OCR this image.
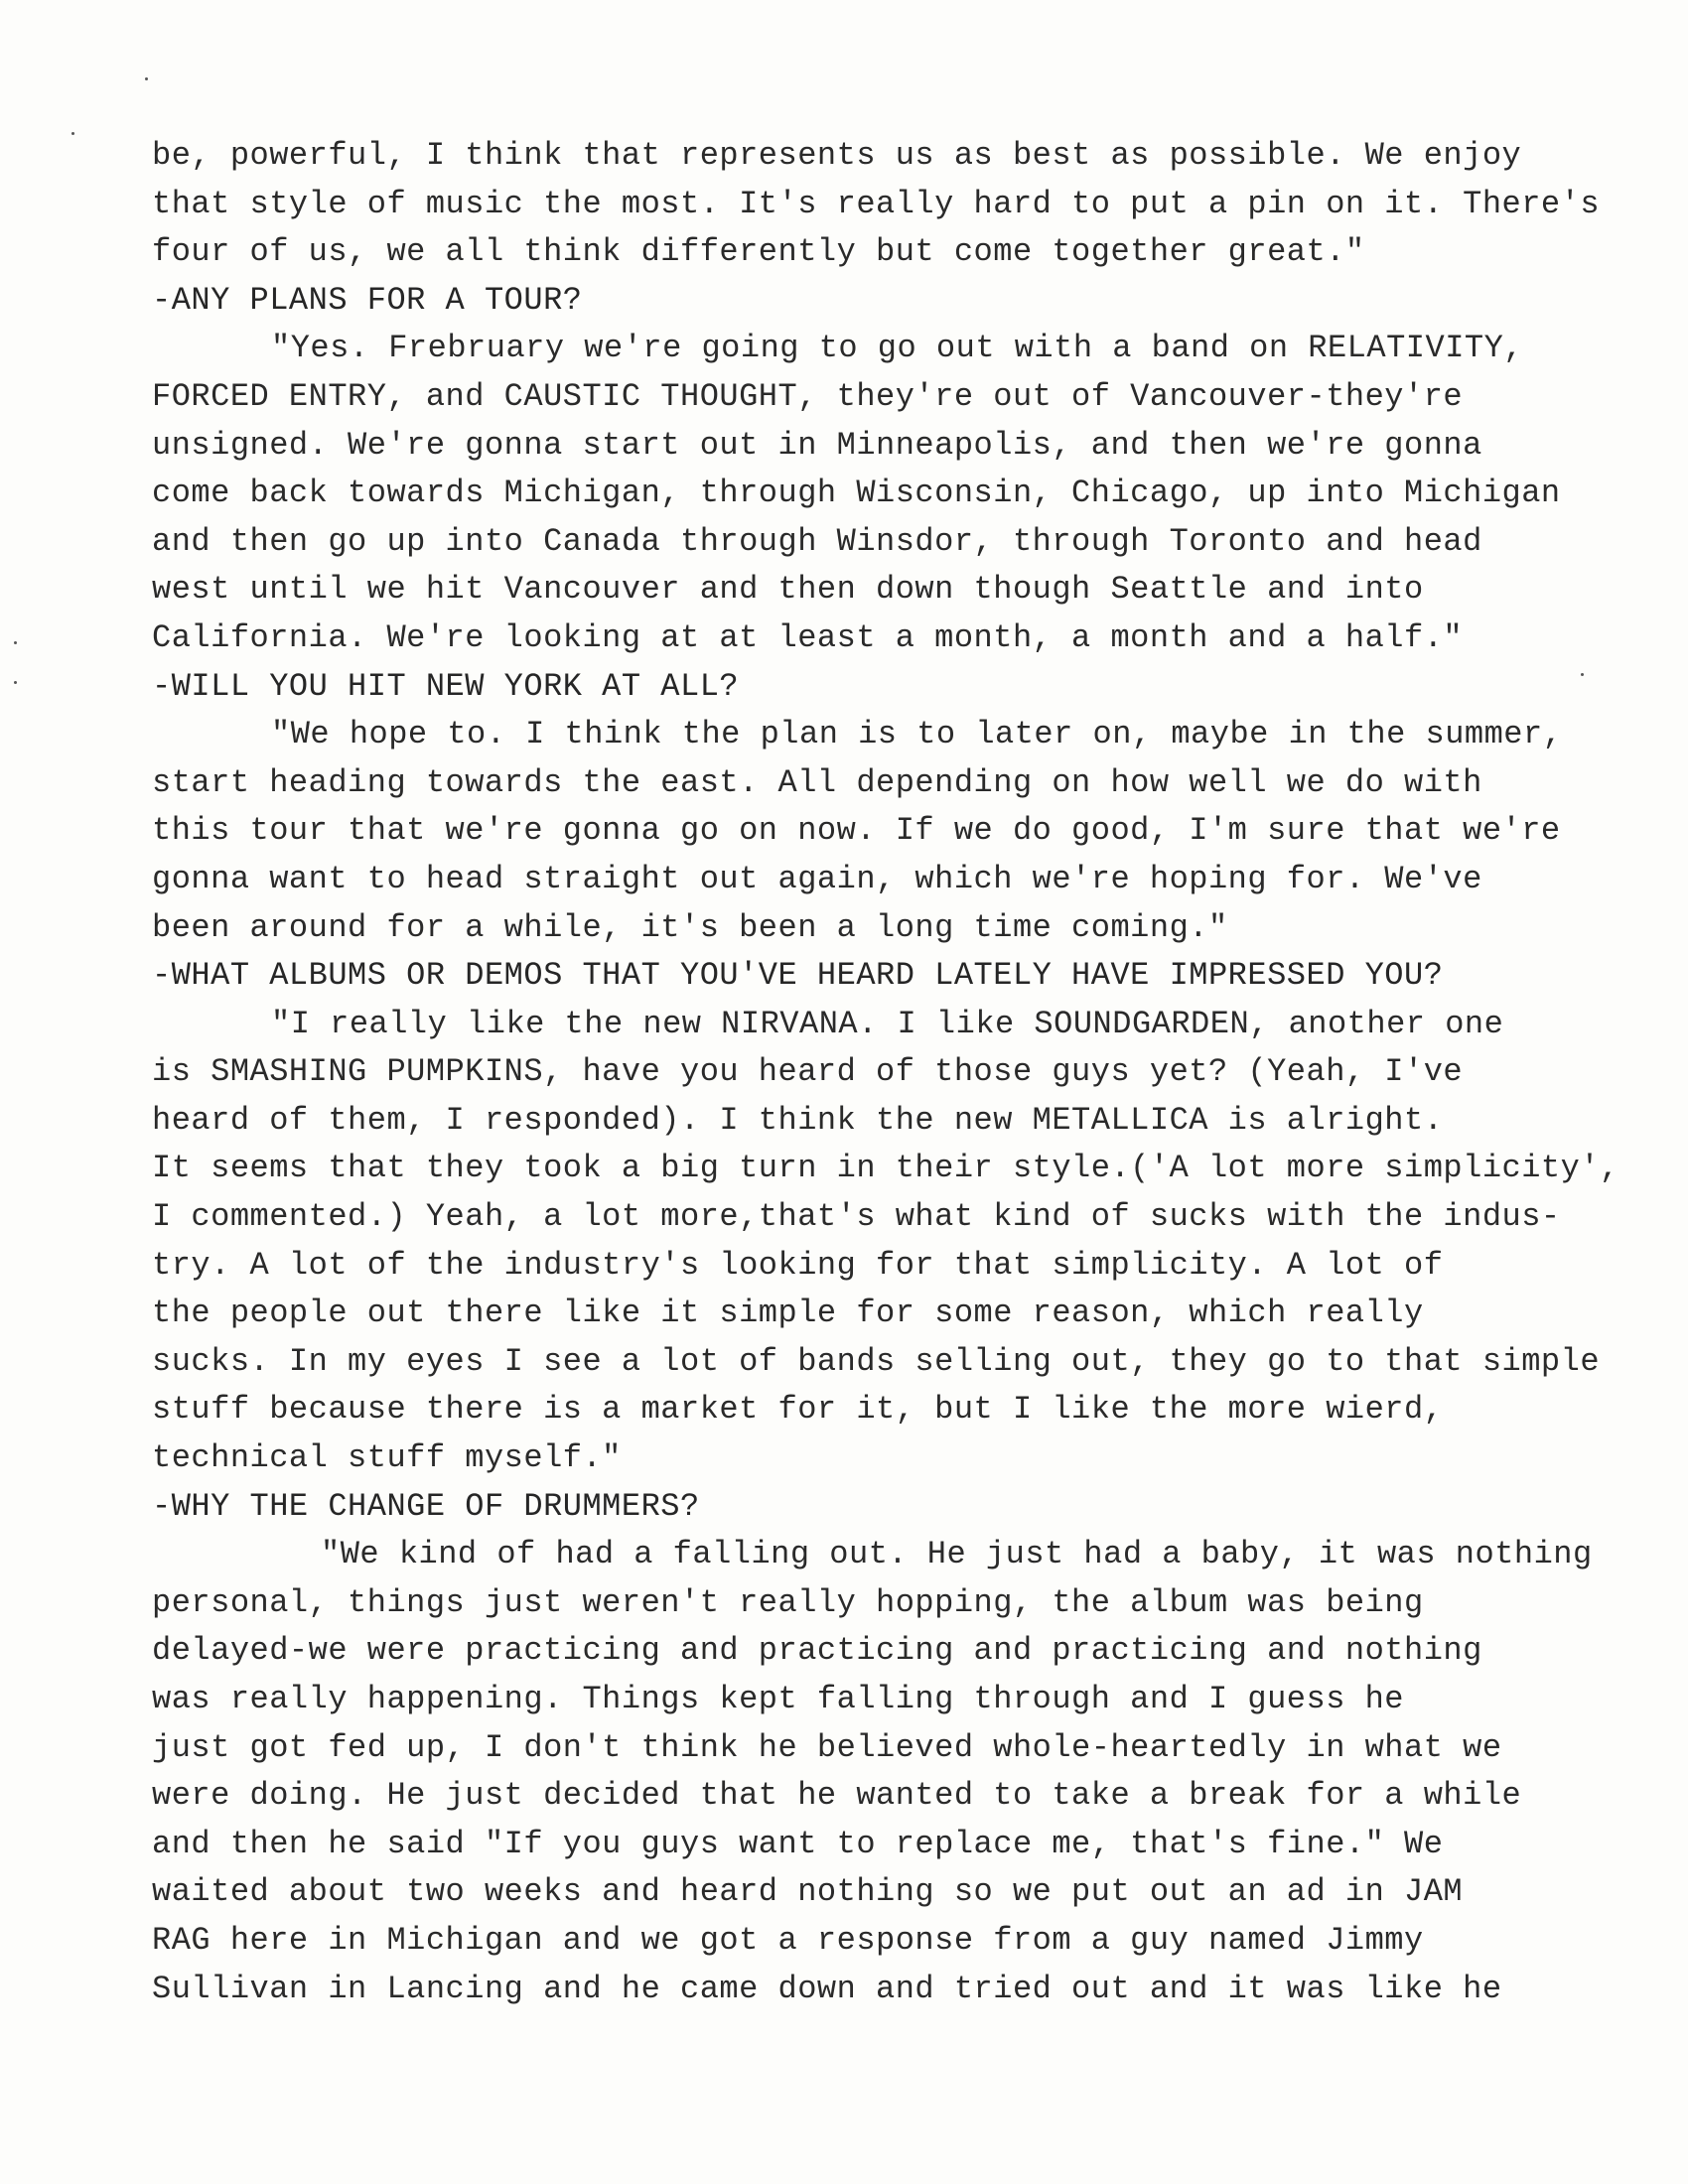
be, powerful, I think that represents us as best as possible. We enjoy
that style of music the most. It's really hard to put a pin on it. There's
four of us, we all think differently but come together great."
-ANY PLANS FOR A TOUR?
"Yes. Frebruary we're going to go out with a band on RELATIVITY,
FORCED ENTRY, and CAUSTIC THOUGHT, they're out of Vancouver-they're
unsigned. We're gonna start out in Minneapolis, and then we're gonna
come back towards Michigan, through Wisconsin, Chicago, up into Michigan
and then go up into Canada through Winsdor, through Toronto and head
west until we hit Vancouver and then down though Seattle and into
California. We're looking at at least a month, a month and a half."
-WILL YOU HIT NEW YORK AT ALL?
"We hope to. I think the plan is to later on, maybe in the summer,
start heading towards the east. All depending on how well we do with
this tour that we're gonna go on now. If we do good, I'm sure that we're
gonna want to head straight out again, which we're hoping for. We've
been around for a while, it's been a long time coming."
-WHAT ALBUMS OR DEMOS THAT YOU'VE HEARD LATELY HAVE IMPRESSED YOU?
"I really like the new NIRVANA. I like SOUNDGARDEN, another one
is SMASHING PUMPKINS, have you heard of those guys yet? (Yeah, I've
heard of them, I responded). I think the new METALLICA is alright.
It seems that they took a big turn in their style.('A lot more simplicity',
I commented.) Yeah, a lot more,that's what kind of sucks with the indus-
try. A lot of the industry's looking for that simplicity. A lot of
the people out there like it simple for some reason, which really
sucks. In my eyes I see a lot of bands selling out, they go to that simple
stuff because there is a market for it, but I like the more wierd,
technical stuff myself."
-WHY THE CHANGE OF DRUMMERS?
"We kind of had a falling out. He just had a baby, it was nothing
personal, things just weren't really hopping, the album was being
delayed-we were practicing and practicing and practicing and nothing
was really happening. Things kept falling through and I guess he
just got fed up, I don't think he believed whole-heartedly in what we
were doing. He just decided that he wanted to take a break for a while
and then he said "If you guys want to replace me, that's fine." We
waited about two weeks and heard nothing so we put out an ad in JAM
RAG here in Michigan and we got a response from a guy named Jimmy
Sullivan in Lancing and he came down and tried out and it was like he
